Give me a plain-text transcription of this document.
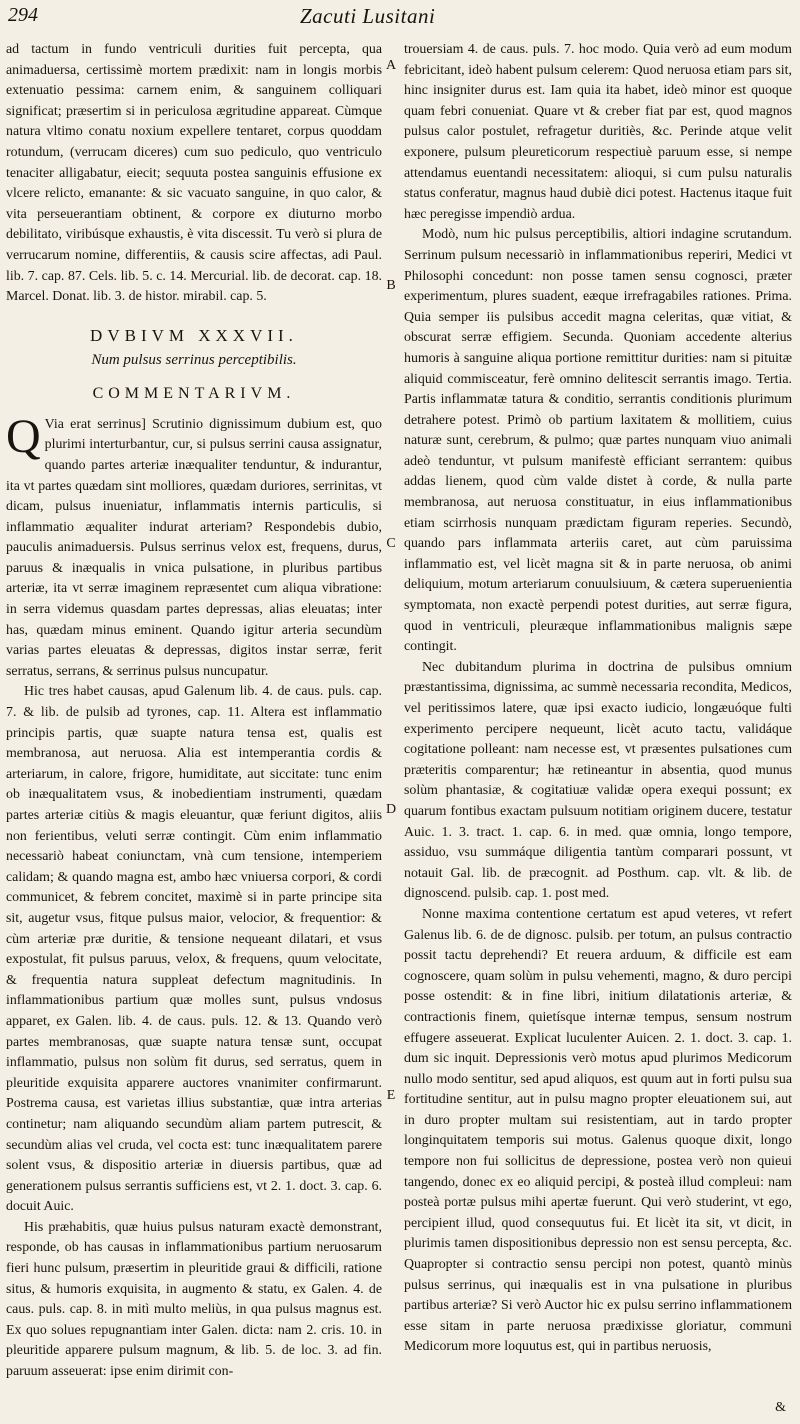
294	Zacuti Lusitani

ad tactum in fundo ventriculi durities fuit percepta, qua animaduersa, certissimè mortem prædixit: nam in longis morbis extenuatio pessima: carnem enim, & sanguinem colliquari significat; præsertim si in periculosa ægritudine appareat. Cùmque natura vltimo conatu noxium expellere tentaret, corpus quoddam rotundum, (verrucam diceres) cum suo pediculo, quo ventriculo tenaciter alligabatur, eiecit; sequuta postea sanguinis effusione ex vlcere relicto, emanante: & sic vacuato sanguine, in quo calor, & vita perseuerantiam obtinent, & corpore ex diuturno morbo debilitato, viribúsque exhaustis, è vita discessit. Tu verò si plura de verrucarum nomine, differentiis, & causis scire affectas, adi Paul. lib. 7. cap. 87. Cels. lib. 5. c. 14. Mercurial. lib. de decorat. cap. 18. Marcel. Donat. lib. 3. de histor. mirabil. cap. 5.

DVBIVM XXXVII.
Num pulsus serrinus perceptibilis.
COMMENTARIVM.
Q Via erat serrinus] Scrutinio dignissimum dubium est, quo plurimi interturbantur, cur, si pulsus serrini causa assignatur, quando partes arteriæ inæqualiter tenduntur, & indurantur, ita vt partes quædam sint molliores, quædam duriores, serrinitas, vt dicam, pulsus inueniatur, inflammatis internis particulis, si inflammatio æqualiter indurat arteriam? Respondebis dubio, pauculis animaduersis. Pulsus serrinus velox est, frequens, durus, paruus & inæqualis in vnica pulsatione, in pluribus partibus arteriæ, ita vt serræ imaginem repræsentet cum aliqua vibratione: in serra videmus quasdam partes depressas, alias eleuatas; inter has, quædam minus eminent. Quando igitur arteria secundùm varias partes eleuatas & depressas, digitos instar serræ, ferit serratus, serrans, & serrinus pulsus nuncupatur.

Hic tres habet causas, apud Galenum lib. 4. de caus. puls. cap. 7. & lib. de pulsib ad tyrones, cap. 11. Altera est inflammatio principis partis, quæ suapte natura tensa est, qualis est membranosa, aut neruosa. Alia est intemperantia cordis & arteriarum, in calore, frigore, humiditate, aut siccitate: tunc enim ob inæqualitatem vsus, & inobedientiam instrumenti, quædam partes arteriæ citiùs & magis eleuantur, quæ feriunt digitos, aliis non ferientibus, veluti serræ contingit. Cùm enim inflammatio necessariò habeat coniunctam, vnà cum tensione, intemperiem calidam; & quando magna est, ambo hæc vniuersa corpori, & cordi communicet, & febrem concitet, maximè si in parte principe sita sit, augetur vsus, fitque pulsus maior, velocior, & frequentior: & cùm arteriæ præ duritie, & tensione nequeant dilatari, et vsus expostulat, fit pulsus paruus, velox, & frequens, quum velocitate, & frequentia natura suppleat defectum magnitudinis. In inflammationibus partium quæ molles sunt, pulsus vndosus apparet, ex Galen. lib. 4. de caus. puls. 12. & 13. Quando verò partes membranosas, quæ suapte natura tensæ sunt, occupat inflammatio, pulsus non solùm fit durus, sed serratus, quem in pleuritide exquisita apparere auctores vnanimiter confirmarunt. Postrema causa, est varietas illius substantiæ, quæ intra arterias continetur; nam aliquando secundùm aliam partem putrescit, & secundùm alias vel cruda, vel cocta est: tunc inæqualitatem parere solent vsus, & dispositio arteriæ in diuersis partibus, quæ ad generationem pulsus serrantis sufficiens est, vt 2. 1. doct. 3. cap. 6. docuit Auic.

His præhabitis, quæ huius pulsus naturam exactè demonstrant, responde, ob has causas in inflammationibus partium neruosarum fieri hunc pulsum, præsertim in pleuritide graui & difficili, ratione situs, & humoris exquisita, in augmento & statu, ex Galen. 4. de caus. puls. cap. 8. in mitì multo meliùs, in qua pulsus magnus est. Ex quo solues repugnantiam inter Galen. dicta: nam 2. cris. 10. in pleuritide apparere pulsum magnum, & lib. 5. de loc. 3. ad fin. paruum asseuerat: ipse enim dirimit con-

A
B
C
D
E

trouersiam 4. de caus. puls. 7. hoc modo. Quia verò ad eum modum febricitant, ideò habent pulsum celerem: Quod neruosa etiam pars sit, hinc insigniter durus est. Iam quia ita habet, ideò minor est quoque quam febri conueniat. Quare vt & creber fiat par est, quod magnos pulsus calor postulet, refragetur duritiès, &c. Perinde atque velit exponere, pulsum pleureticorum respectiuè paruum esse, si nempe attendamus euentandi necessitatem: alioqui, si cum pulsu naturalis status conferatur, magnus haud dubiè dici potest. Hactenus itaque fuit hæc peregisse impendiò ardua.

Modò, num hic pulsus perceptibilis, altiori indagine scrutandum. Serrinum pulsum necessariò in inflammationibus reperiri, Medici vt Philosophi concedunt: non posse tamen sensu cognosci, præter experimentum, plures suadent, eæque irrefragabiles rationes. Prima. Quia semper iis pulsibus accedit magna celeritas, quæ vitiat, & obscurat serræ effigiem. Secunda. Quoniam accedente alterius humoris à sanguine aliqua portione remittitur durities: nam si pituitæ aliquid commisceatur, ferè omnino delitescit serrantis imago. Tertia. Partis inflammatæ tatura & conditio, serrantis conditionis plurimum detrahere potest. Primò ob partium laxitatem & mollitiem, cuius naturæ sunt, cerebrum, & pulmo; quæ partes nunquam viuo animali adeò tenduntur, vt pulsum manifestè efficiant serrantem: quibus addas lienem, quod cùm valde distet à corde, & nulla parte membranosa, aut neruosa constituatur, in eius inflammationibus etiam scirrhosis nunquam prædictam figuram reperies. Secundò, quando pars inflammata arteriis caret, aut cùm paruissima inflammatio est, vel licèt magna sit & in parte neruosa, ob animi deliquium, motum arteriarum conuulsiuum, & cætera superuenientia symptomata, non exactè perpendi potest durities, aut serræ figura, quod in ventriculi, pleuræque inflammationibus malignis sæpe contingit.

Nec dubitandum plurima in doctrina de pulsibus omnium præstantissima, dignissima, ac summè necessaria recondita, Medicos, vel peritissimos latere, quæ ipsi exacto iudicio, longæuóque fulti experimento percipere nequeunt, licèt acuto tactu, validáque cogitatione polleant: nam necesse est, vt præsentes pulsationes cum præteritis comparentur; hæ retineantur in absentia, quod munus solùm phantasiæ, & cogitatiuæ validæ opera exequi possunt; ex quarum fontibus exactam pulsuum notitiam originem ducere, testatur Auic. 1. 3. tract. 1. cap. 6. in med. quæ omnia, longo tempore, assiduo, vsu summáque diligentia tantùm comparari possunt, vt notauit Gal. lib. de præcognit. ad Posthum. cap. vlt. & lib. de dignoscend. pulsib. cap. 1. post med.

Nonne maxima contentione certatum est apud veteres, vt refert Galenus lib. 6. de de dignosc. pulsib. per totum, an pulsus contractio possit tactu deprehendi? Et reuera arduum, & difficile est eam cognoscere, quam solùm in pulsu vehementi, magno, & duro percipi posse ostendit: & in fine libri, initium dilatationis arteriæ, & contractionis finem, quietísque internæ tempus, sensum nostrum effugere asseuerat. Explicat luculenter Auicen. 2. 1. doct. 3. cap. 1. dum sic inquit. Depressionis verò motus apud plurimos Medicorum nullo modo sentitur, sed apud aliquos, est quum aut in forti pulsu sua fortitudine sentitur, aut in pulsu magno propter eleuationem sui, aut in duro propter multam sui resistentiam, aut in tardo propter longinquitatem temporis sui motus. Galenus quoque dixit, longo tempore non fui sollicitus de depressione, postea verò non quieui tangendo, donec ex eo aliquid percipi, & posteà illud compleui: nam posteà portæ pulsus mihi apertæ fuerunt. Qui verò studerint, vt ego, percipient illud, quod consequutus fui. Et licèt ita sit, vt dicit, in plurimis tamen dispositionibus depressio non est sensu percepta, &c. Quapropter si contractio sensu percipi non potest, quantò minùs pulsus serrinus, qui inæqualis est in vna pulsatione in pluribus partibus arteriæ? Si verò Auctor hic ex pulsu serrino inflammationem esse sitam in parte neruosa prædixisse gloriatur, communi Medicorum more loquutus est, qui in partibus neruosis,

&
